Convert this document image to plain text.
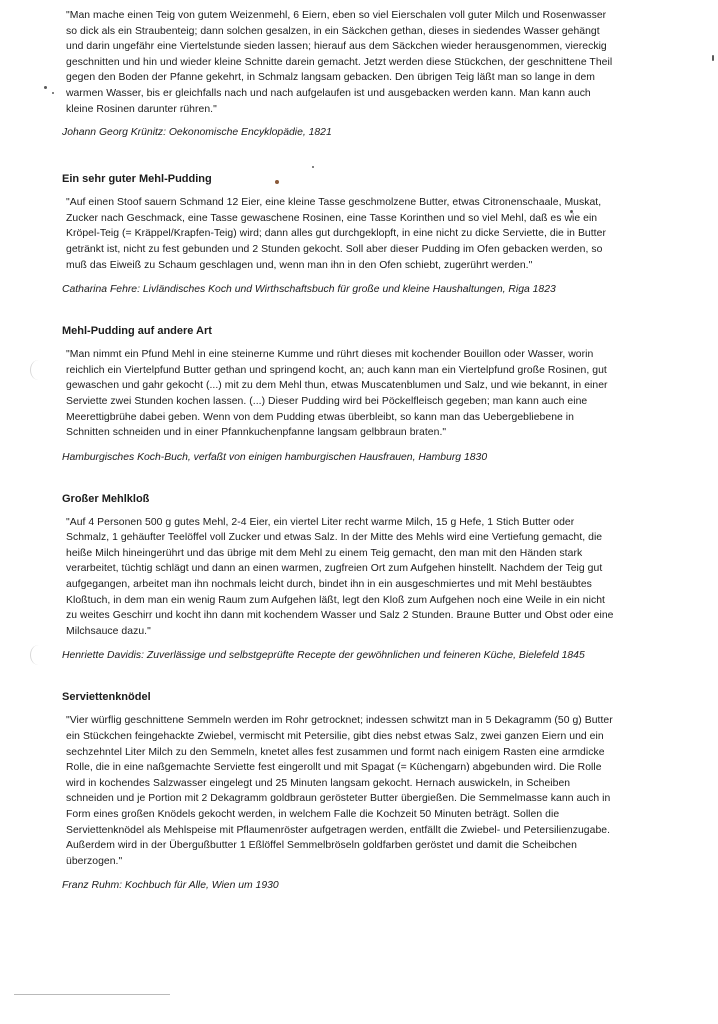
"Man mache einen Teig von gutem Weizenmehl, 6 Eiern, eben so viel Eierschalen voll guter Milch und Rosenwasser so dick als ein Straubenteig; dann solchen gesalzen, in ein Säckchen gethan, dieses in siedendes Wasser gehängt und darin ungefähr eine Viertelstunde sieden lassen; hierauf aus dem Säckchen wieder herausgenommen, viereckig geschnitten und hin und wieder kleine Schnitte darein gemacht. Jetzt werden diese Stückchen, der geschnittene Theil gegen den Boden der Pfanne gekehrt, in Schmalz langsam gebacken. Den übrigen Teig läßt man so lange in dem warmen Wasser, bis er gleichfalls nach und nach aufgelaufen ist und ausgebacken werden kann. Man kann auch kleine Rosinen darunter rühren."

Johann Georg Krünitz: Oekonomische Encyklopädie, 1821

Ein sehr guter Mehl-Pudding

"Auf einen Stoof sauern Schmand 12 Eier, eine kleine Tasse geschmolzene Butter, etwas Citronenschaale, Muskat, Zucker nach Geschmack, eine Tasse gewaschene Rosinen, eine Tasse Korinthen und so viel Mehl, daß es wie ein Kröpel-Teig (= Kräppel/Krapfen-Teig) wird; dann alles gut durchgeklopft, in eine nicht zu dicke Serviette, die in Butter getränkt ist, nicht zu fest gebunden und 2 Stunden gekocht. Soll aber dieser Pudding im Ofen gebacken werden, so muß das Eiweiß zu Schaum geschlagen und, wenn man ihn in den Ofen schiebt, zugerührt werden."

Catharina Fehre: Livländisches Koch und Wirthschaftsbuch für große und kleine Haushaltungen, Riga 1823

Mehl-Pudding auf andere Art

"Man nimmt ein Pfund Mehl in eine steinerne Kumme und rührt dieses mit kochender Bouillon oder Wasser, worin reichlich ein Viertelpfund Butter gethan und springend kocht, an; auch kann man ein Viertelpfund große Rosinen, gut gewaschen und gahr gekocht (...) mit zu dem Mehl thun, etwas Muscatenblumen und Salz, und wie bekannt, in einer Serviette zwei Stunden kochen lassen. (...) Dieser Pudding wird bei Pöckelfleisch gegeben; man kann auch eine Meerettigbrühe dabei geben. Wenn von dem Pudding etwas überbleibt, so kann man das Uebergebliebene in Schnitten schneiden und in einer Pfannkuchenpfanne langsam gelbbraun braten."

Hamburgisches Koch-Buch, verfaßt von einigen hamburgischen Hausfrauen, Hamburg 1830

Großer Mehlkloß

"Auf 4 Personen 500 g gutes Mehl, 2-4 Eier, ein viertel Liter recht warme Milch, 15 g Hefe, 1 Stich Butter oder Schmalz, 1 gehäufter Teelöffel voll Zucker und etwas Salz. In der Mitte des Mehls wird eine Vertiefung gemacht, die heiße Milch hineingerührt und das übrige mit dem Mehl zu einem Teig gemacht, den man mit den Händen stark verarbeitet, tüchtig schlägt und dann an einen warmen, zugfreien Ort zum Aufgehen hinstellt. Nachdem der Teig gut aufgegangen, arbeitet man ihn nochmals leicht durch, bindet ihn in ein ausgeschmiertes und mit Mehl bestäubtes Kloßtuch, in dem man ein wenig Raum zum Aufgehen läßt, legt den Kloß zum Aufgehen noch eine Weile in ein nicht zu weites Geschirr und kocht ihn dann mit kochendem Wasser und Salz 2 Stunden. Braune Butter und Obst oder eine Milchsauce dazu."

Henriette Davidis: Zuverlässige und selbstgeprüfte Recepte der gewöhnlichen und feineren Küche, Bielefeld 1845

Serviettenknödel

"Vier würflig geschnittene Semmeln werden im Rohr getrocknet; indessen schwitzt man in 5 Dekagramm (50 g) Butter ein Stückchen feingehackte Zwiebel, vermischt mit Petersilie, gibt dies nebst etwas Salz, zwei ganzen Eiern und ein sechzehntel Liter Milch zu den Semmeln, knetet alles fest zusammen und formt nach einigem Rasten eine armdicke Rolle, die in eine naßgemachte Serviette fest eingerollt und mit Spagat (= Küchengarn) abgebunden wird. Die Rolle wird in kochendes Salzwasser eingelegt und 25 Minuten langsam gekocht. Hernach auswickeln, in Scheiben schneiden und je Portion mit 2 Dekagramm goldbraun gerösteter Butter übergießen. Die Semmelmasse kann auch in Form eines großen Knödels gekocht werden, in welchem Falle die Kochzeit 50 Minuten beträgt. Sollen die Serviettenknödel als Mehlspeise mit Pflaumenröster aufgetragen werden, entfällt die Zwiebel- und Petersilienzugabe. Außerdem wird in der Übergußbutter 1 Eßlöffel Semmelbröseln goldfarben geröstet und damit die Scheibchen überzogen."

Franz Ruhm: Kochbuch für Alle, Wien um 1930
